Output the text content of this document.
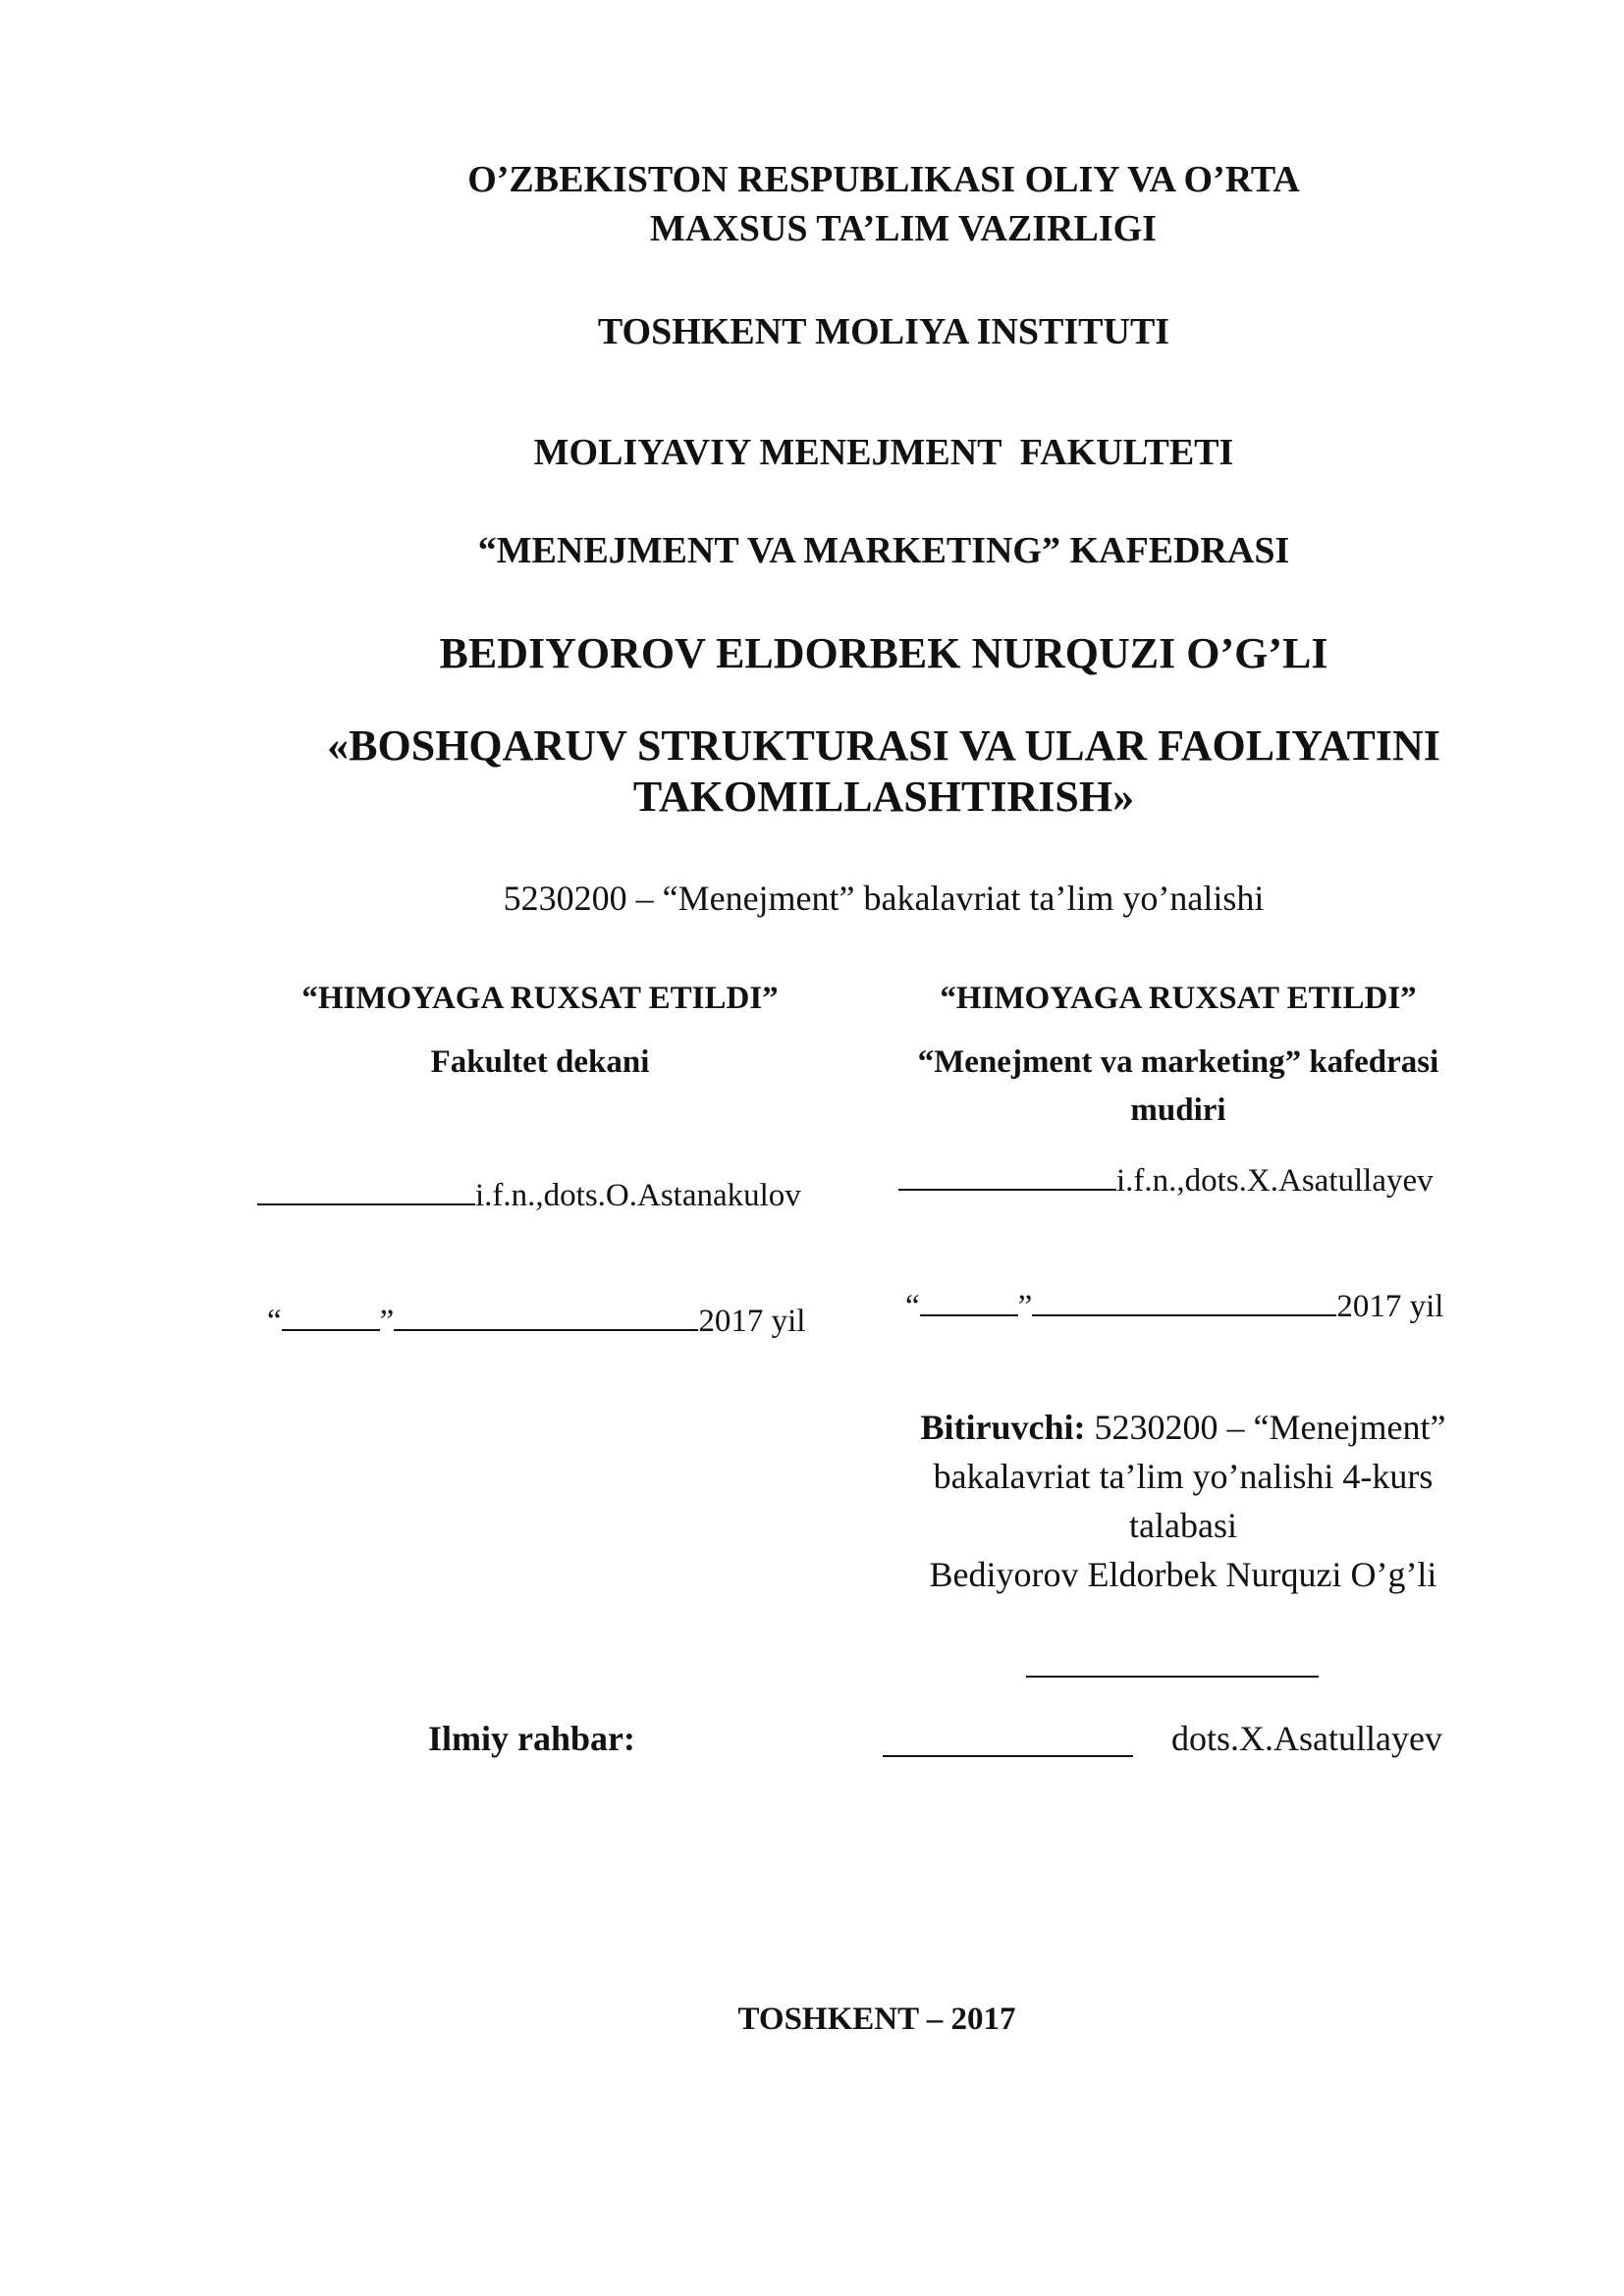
O’ZBEKISTON RESPUBLIKASI OLIY VA O’RTA
MAXSUS TA’LIM VAZIRLIGI
TOSHKENT MOLIYA INSTITUTI
MOLIYAVIY MENEJMENT  FAKULTETI
“MENEJMENT VA MARKETING” KAFEDRASI
BEDIYOROV ELDORBEK NURQUZI O’G’LI
«BOSHQARUV STRUKTURASI VA ULAR FAOLIYATINI
TAKOMILLASHTIRISH»
5230200 – “Menejment” bakalavriat ta’lim yo’nalishi
“HIMOYAGA RUXSAT ETILDI”
Fakultet dekani
i.f.n.,dots.O.Astanakulov
“	”	2017 yil
“HIMOYAGA RUXSAT ETILDI”
“Menejment va marketing” kafedrasi
mudiri
i.f.n.,dots.X.Asatullayev
“	”	2017 yil
Bitiruvchi: 5230200 – “Menejment”
bakalavriat ta’lim yo’nalishi 4-kurs
talabasi
Bediyorov Eldorbek Nurquzi O’g’li
Ilmiy rahbar:	dots.X.Asatullayev
TOSHKENT – 2017
